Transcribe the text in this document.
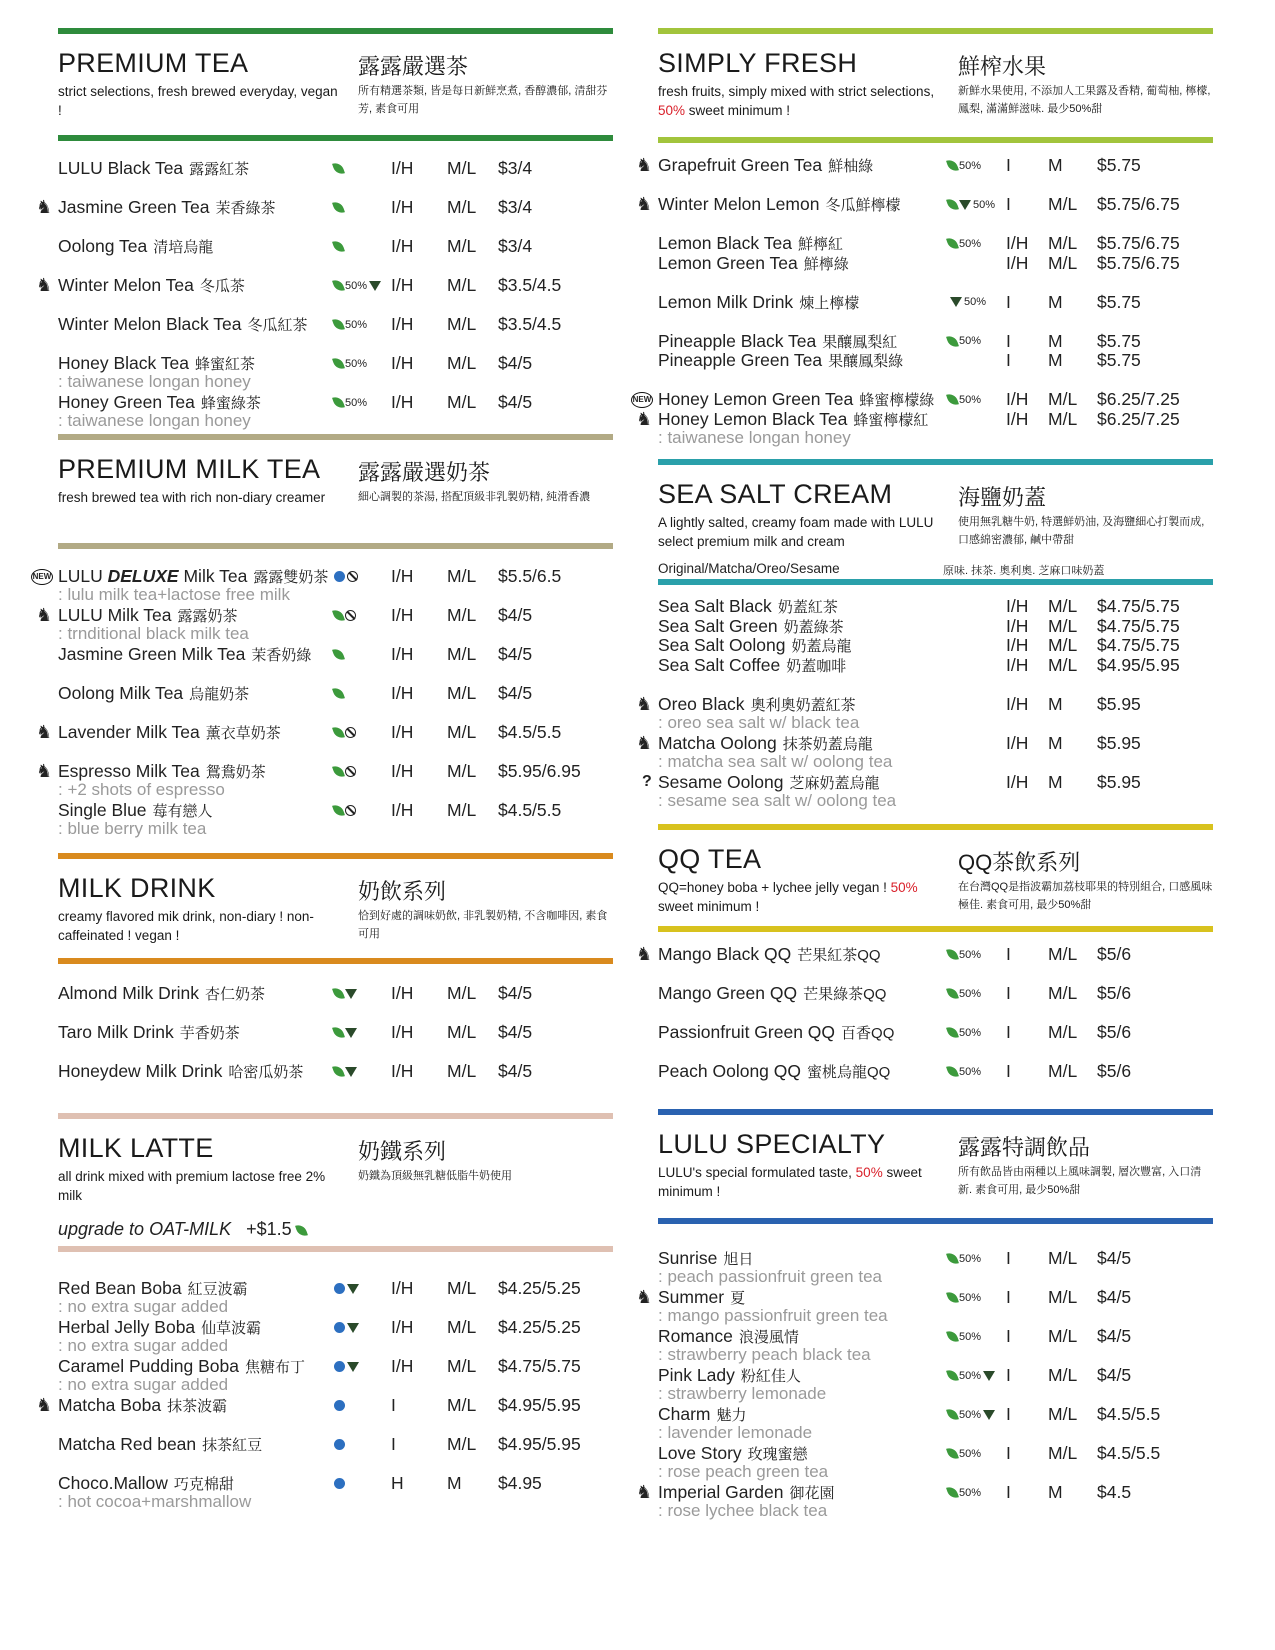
PREMIUM TEA	露露嚴選茶
strict selections, fresh brewed everyday, vegan !
所有精選茶類, 皆是每日新鮮烹煮, 香醇濃郁, 清甜芬芳, 素食可用
LULU Black Tea 露露紅茶	I/H M/L $3/4
♞ Jasmine Green Tea 茉香綠茶	I/H M/L $3/4
Oolong Tea 清培烏龍	I/H M/L $3/4
♞ Winter Melon Tea 冬瓜茶	50%	I/H M/L $3.5/4.5
Winter Melon Black Tea 冬瓜紅茶	50% I/H M/L $3.5/4.5
Honey Black Tea 蜂蜜紅茶	50% I/H M/L $4/5
: taiwanese longan honey
Honey Green Tea 蜂蜜綠茶	50% I/H M/L $4/5
: taiwanese longan honey
PREMIUM MILK TEA 露露嚴選奶茶
fresh brewed tea with rich non-diary creamer	細心調製的茶湯, 搭配頂級非乳製奶精, 純滑香濃
NEW LULU DELUXE Milk Tea 露露雙奶茶	I/H M/L $5.5/6.5
: lulu milk tea+lactose free milk
♞ LULU Milk Tea 露露奶茶	I/H M/L $4/5
: trnditional black milk tea
Jasmine Green Milk Tea 茉香奶綠	I/H M/L $4/5
Oolong Milk Tea 烏龍奶茶	I/H M/L $4/5
♞ Lavender Milk Tea 薰衣草奶茶	I/H M/L $4.5/5.5
♞ Espresso Milk Tea 鴛鴦奶茶	I/H M/L $5.95/6.95
: +2 shots of espresso
Single Blue 莓有戀人	I/H M/L $4.5/5.5
: blue berry milk tea
MILK DRINK	奶飲系列
creamy flavored mik drink, non-diary ! non-caffeinated ! vegan !
恰到好處的調味奶飲, 非乳製奶精, 不含咖啡因, 素食可用
Almond Milk Drink 杏仁奶茶	I/H M/L $4/5
Taro Milk Drink 芋香奶茶	I/H M/L $4/5
Honeydew Milk Drink 哈密瓜奶茶	I/H M/L $4/5
MILK LATTE	奶鐵系列
all drink mixed with premium lactose free 2% milk
奶鐵為頂級無乳糖低脂牛奶使用
upgrade to OAT-MILK +$1.5
Red Bean Boba 紅豆波霸	I/H M/L $4.25/5.25
: no extra sugar added
Herbal Jelly Boba 仙草波霸	I/H M/L $4.25/5.25
: no extra sugar added
Caramel Pudding Boba 焦糖布丁	I/H M/L $4.75/5.75
: no extra sugar added
♞ Matcha Boba 抹茶波霸	I	M/L $4.95/5.95
Matcha Red bean 抹茶紅豆	I	M/L $4.95/5.95
Choco.Mallow 巧克棉甜	H M $4.95
: hot cocoa+marshmallow
SIMPLY FRESH	鮮榨水果
fresh fruits, simply mixed with strict selections, 50% sweet minimum !
新鮮水果使用, 不添加人工果露及香精, 葡萄柚, 檸檬, 鳳梨, 滿滿鮮滋味. 最少50%甜
♞ Grapefruit Green Tea 鮮柚綠	50% I M $5.75
♞ Winter Melon Lemon 冬瓜鮮檸檬	50% I M/L $5.75/6.75
Lemon Black Tea 鮮檸紅	50% I/H M/L $5.75/6.75
Lemon Green Tea 鮮檸綠	I/H M/L $5.75/6.75
Lemon Milk Drink 煉上檸檬	50% I M $5.75
Pineapple Black Tea 果釀鳳梨紅	50% I M $5.75
Pineapple Green Tea 果釀鳳梨綠	I M $5.75
NEW Honey Lemon Green Tea 蜂蜜檸檬綠	50% I/H M/L $6.25/7.25
♞ Honey Lemon Black Tea 蜂蜜檸檬紅	I/H M/L $6.25/7.25
: taiwanese longan honey
SEA SALT CREAM	海鹽奶蓋
A lightly salted, creamy foam made with LULU select premium milk and cream
使用無乳糖牛奶, 特選鮮奶油, 及海鹽細心打製而成, 口感綿密濃郁, 鹹中帶甜
Original/Matcha/Oreo/Sesame	原味. 抹茶. 奧利奧. 芝麻口味奶蓋
Sea Salt Black 奶蓋紅茶	I/H M/L $4.75/5.75
Sea Salt Green 奶蓋綠茶	I/H M/L $4.75/5.75
Sea Salt Oolong 奶蓋烏龍	I/H M/L $4.75/5.75
Sea Salt Coffee 奶蓋咖啡	I/H M/L $4.95/5.95
♞ Oreo Black 奧利奧奶蓋紅茶	I/H M $5.95
: oreo sea salt w/ black tea
♞ Matcha Oolong 抹茶奶蓋烏龍	I/H M $5.95
: matcha sea salt w/ oolong tea
? Sesame Oolong 芝麻奶蓋烏龍	I/H M $5.95
: sesame sea salt w/ oolong tea
QQ TEA	QQ茶飲系列
QQ=honey boba + lychee jelly vegan ! 50% sweet minimum !
在台灣QQ是指波霸加荔枝耶果的特別組合, 口感風味極佳. 素食可用, 最少50%甜
♞ Mango Black QQ 芒果紅茶QQ	50% I M/L $5/6
Mango Green QQ 芒果綠茶QQ	50% I M/L $5/6
Passionfruit Green QQ 百香QQ	50% I M/L $5/6
Peach Oolong QQ 蜜桃烏龍QQ	50% I M/L $5/6
LULU SPECIALTY	露露特調飲品
LULU's special formulated taste, 50% sweet minimum !
所有飲品皆由兩種以上風味調製, 層次豐富, 入口清新. 素食可用, 最少50%甜
Sunrise 旭日	50% I M/L $4/5
: peach passionfruit green tea
♞ Summer 夏	50% I M/L $4/5
: mango passionfruit green tea
Romance 浪漫風情	50% I M/L $4/5
: strawberry peach black tea
Pink Lady 粉紅佳人	50%	I M/L $4/5
: strawberry lemonade
Charm 魅力	50%	I M/L $4.5/5.5
: lavender lemonade
Love Story 玫瑰蜜戀	50% I M/L $4.5/5.5
: rose peach green tea
♞ Imperial Garden 御花園	50% I M $4.5
: rose lychee black tea
